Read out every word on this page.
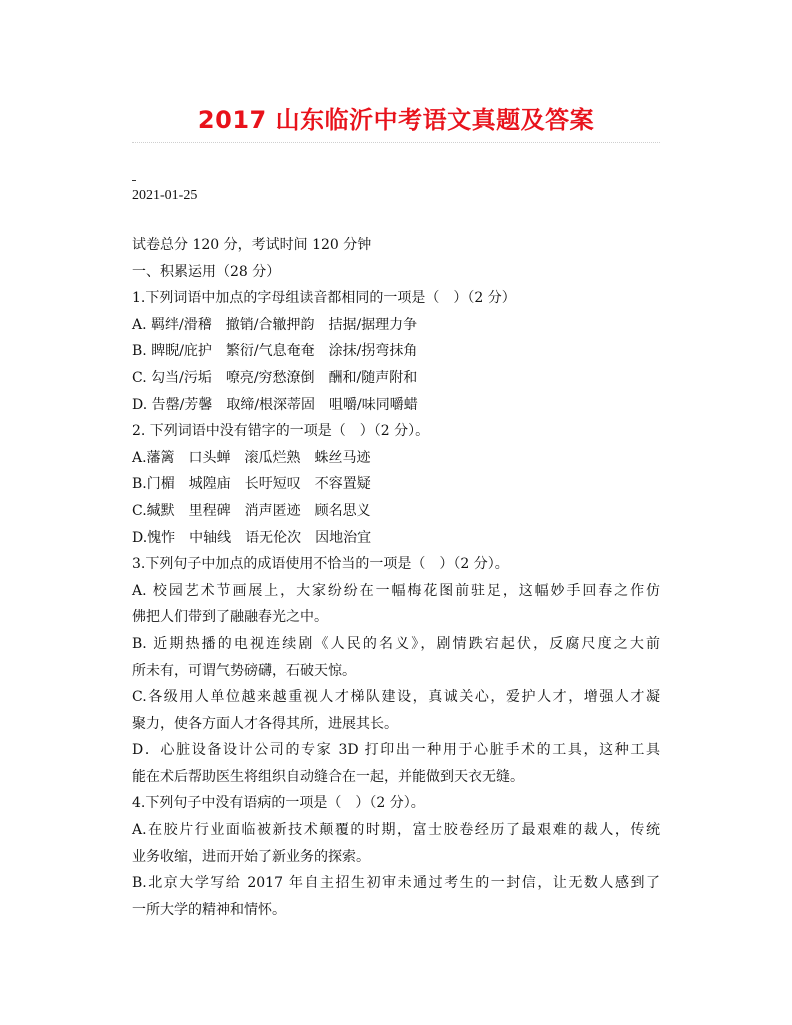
2017 山东临沂中考语文真题及答案
2021-01-25
试卷总分 120 分，考试时间 120 分钟
一、积累运用（28 分）
1.下列词语中加点的字母组读音都相同的一项是（　）（2 分）
A. 羁绊/滑稽　撤销/合辙押韵　拮据/据理力争
B. 睥睨/庇护　繁衍/气息奄奄　涂抹/拐弯抹角
C. 勾当/污垢　嘹亮/穷愁潦倒　酬和/随声附和
D. 告罄/芳馨　取缔/根深蒂固　咀嚼/味同嚼蜡
2. 下列词语中没有错字的一项是（　）（2 分）。
A.藩篱　口头蝉　滚瓜烂熟　蛛丝马迹
B.门楣　城隍庙　长吁短叹　不容置疑
C.缄默　里程碑　消声匿迹　顾名思义
D.愧怍　中轴线　语无伦次　因地治宜
3.下列句子中加点的成语使用不恰当的一项是（　）（2 分）。
A. 校园艺术节画展上，大家纷纷在一幅梅花图前驻足，这幅妙手回春之作仿
佛把人们带到了融融春光之中。
B. 近期热播的电视连续剧《人民的名义》，剧情跌宕起伏，反腐尺度之大前
所未有，可谓气势磅礴，石破天惊。
C.各级用人单位越来越重视人才梯队建设，真诚关心，爱护人才，增强人才凝
聚力，使各方面人才各得其所，进展其长。
D．心脏设备设计公司的专家 3D 打印出一种用于心脏手术的工具，这种工具
能在术后帮助医生将组织自动缝合在一起，并能做到天衣无缝。
4.下列句子中没有语病的一项是（　）（2 分）。
A.在胶片行业面临被新技术颠覆的时期，富士胶卷经历了最艰难的裁人，传统
业务收缩，进而开始了新业务的探索。
B.北京大学写给 2017 年自主招生初审未通过考生的一封信，让无数人感到了
一所大学的精神和情怀。
